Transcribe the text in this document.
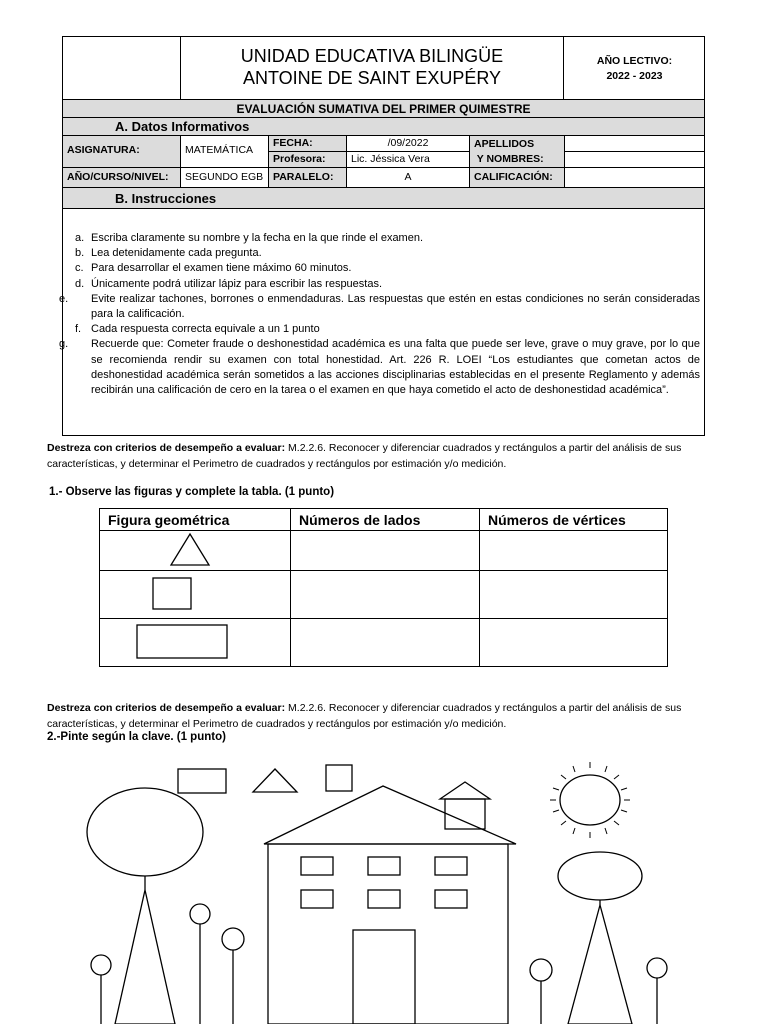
UNIDAD EDUCATIVA BILINGÜE
ANTOINE DE SAINT EXUPÉRY
AÑO LECTIVO:
2022 - 2023
EVALUACIÓN SUMATIVA DEL PRIMER QUIMESTRE
A. Datos Informativos
ASIGNATURA:	MATEMÁTICA
FECHA:	/09/2022
Profesora:	Lic. Jéssica Vera
APELLIDOS
Y NOMBRES:
AÑO/CURSO/NIVEL:	SEGUNDO EGB PARALELO:	A	CALIFICACIÓN:
B. Instrucciones
a. Escriba claramente su nombre y la fecha en la que rinde el examen.
b. Lea detenidamente cada pregunta.
c. Para desarrollar el examen tiene máximo 60 minutos.
d. Únicamente podrá utilizar lápiz para escribir las respuestas.
e. Evite realizar tachones, borrones o enmendaduras. Las respuestas que estén en estas condiciones no serán consideradas para la calificación.
f. Cada respuesta correcta equivale a un 1 punto
g. Recuerde que: Cometer fraude o deshonestidad académica es una falta que puede ser leve, grave o muy grave, por lo que se recomienda rendir su examen con total honestidad. Art. 226 R. LOEI “Los estudiantes que cometan actos de deshonestidad académica serán sometidos a las acciones disciplinarias establecidas en el presente Reglamento y además recibirán una calificación de cero en la tarea o el examen en que haya cometido el acto de deshonestidad académica”.
Destreza con criterios de desempeño a evaluar: M.2.2.6. Reconocer y diferenciar cuadrados y rectángulos a partir del análisis de sus características, y determinar el Perimetro de cuadrados y rectángulos por estimación y/o medición.
1.- Observe las figuras y complete la tabla. (1 punto)
Figura geométrica	Números de lados	Números de vértices

Destreza con criterios de desempeño a evaluar: M.2.2.6. Reconocer y diferenciar cuadrados y rectángulos a partir del análisis de sus características, y determinar el Perimetro de cuadrados y rectángulos por estimación y/o medición.
2.-Pinte según la clave. (1 punto)
